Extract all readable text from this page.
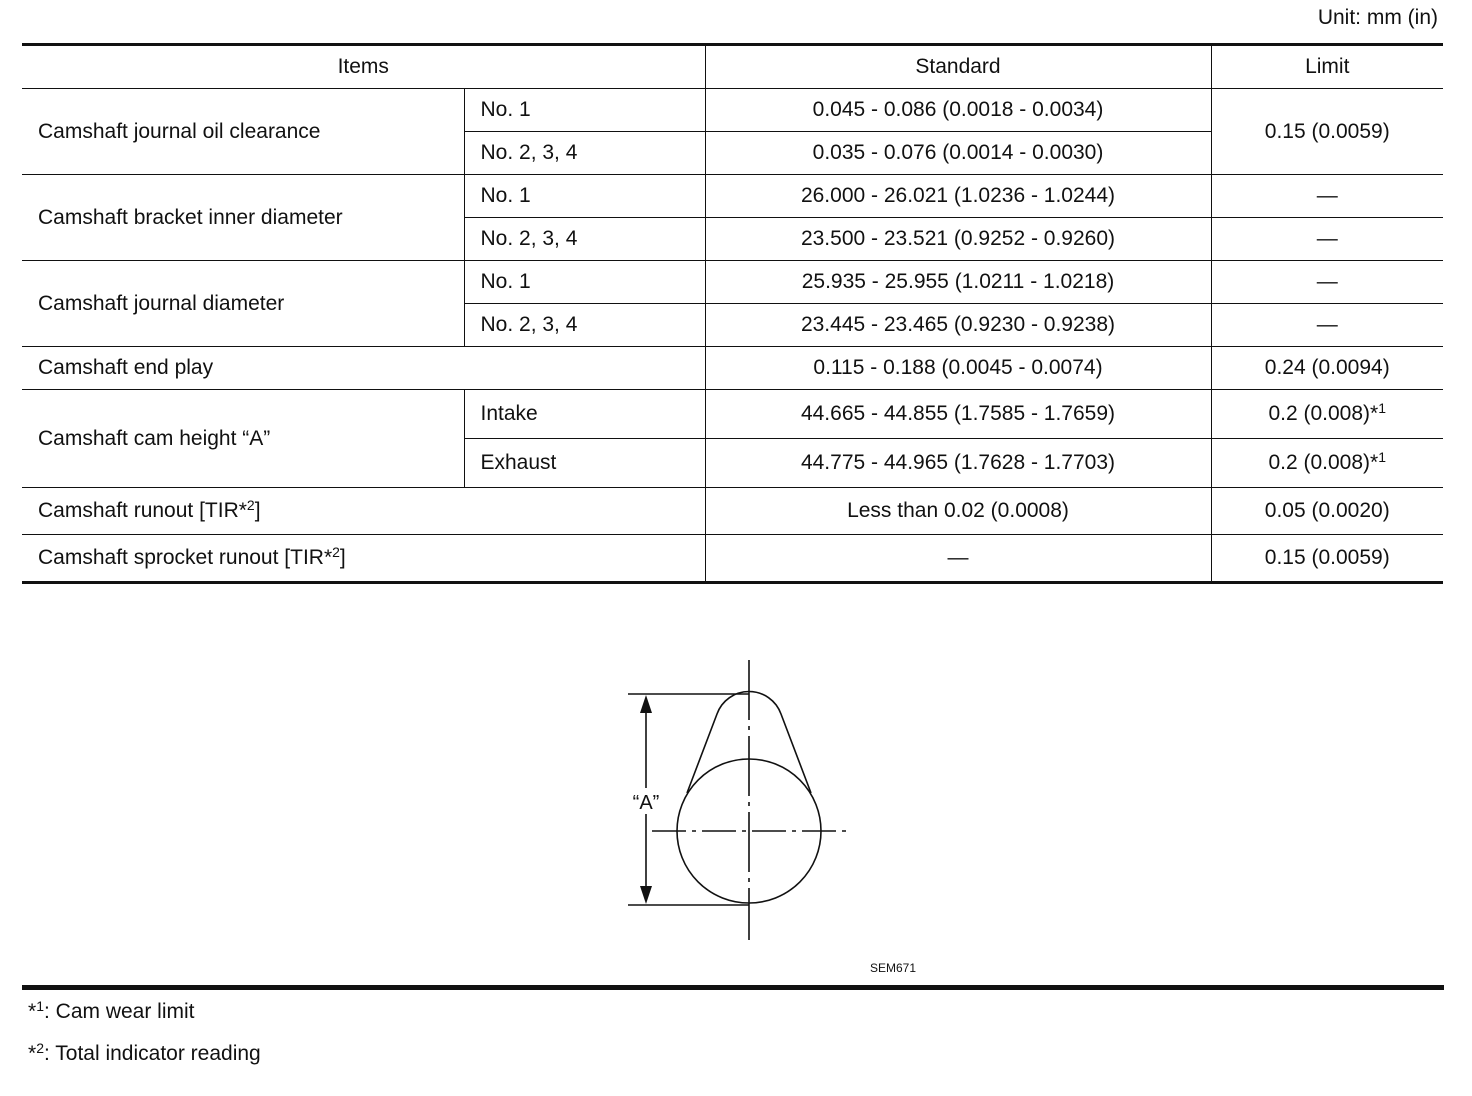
Unit: mm (in)
Items		Standard	Limit
Camshaft journal oil clearance	No. 1	0.045 - 0.086 (0.0018 - 0.0034)	0.15 (0.0059)
	No. 2, 3, 4	0.035 - 0.076 (0.0014 - 0.0030)	
Camshaft bracket inner diameter	No. 1	26.000 - 26.021 (1.0236 - 1.0244)	—
	No. 2, 3, 4	23.500 - 23.521 (0.9252 - 0.9260)	—
Camshaft journal diameter	No. 1	25.935 - 25.955 (1.0211 - 1.0218)	—
	No. 2, 3, 4	23.445 - 23.465 (0.9230 - 0.9238)	—
Camshaft end play		0.115 - 0.188 (0.0045 - 0.0074)	0.24 (0.0094)
Camshaft cam height “A”	Intake	44.665 - 44.855 (1.7585 - 1.7659)	0.2 (0.008)*$^1$
	Exhaust	44.775 - 44.965 (1.7628 - 1.7703)	0.2 (0.008)*$^1$
Camshaft runout [TIR*$^2$]		Less than 0.02 (0.0008)	0.05 (0.0020)
Camshaft sprocket runout [TIR*$^2$]		—	0.15 (0.0059)
“A”
SEM671
*$^1$: Cam wear limit
*$^2$: Total indicator reading
